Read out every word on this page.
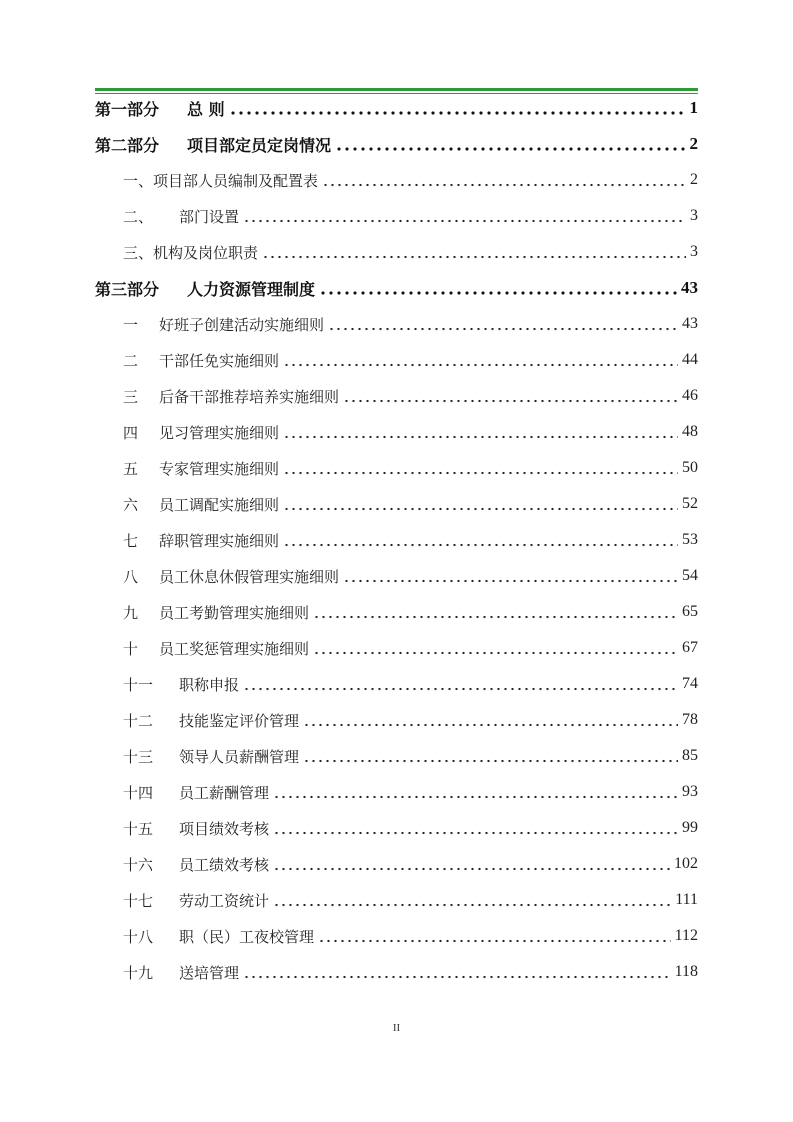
第一部分	总 则	1
第二部分	项目部定员定岗情况	2
一、项目部人员编制及配置表	2
二、	部门设置	3
三、机构及岗位职责	3
第三部分	人力资源管理制度	43
一	好班子创建活动实施细则	43
二	干部任免实施细则	44
三	后备干部推荐培养实施细则	46
四	见习管理实施细则	48
五	专家管理实施细则	50
六	员工调配实施细则	52
七	辞职管理实施细则	53
八	员工休息休假管理实施细则	54
九	员工考勤管理实施细则	65
十	员工奖惩管理实施细则	67
十一	职称申报	74
十二	技能鉴定评价管理	78
十三	领导人员薪酬管理	85
十四	员工薪酬管理	93
十五	项目绩效考核	99
十六	员工绩效考核	102
十七	劳动工资统计	111
十八	职（民）工夜校管理	112
十九	送培管理	118
II
